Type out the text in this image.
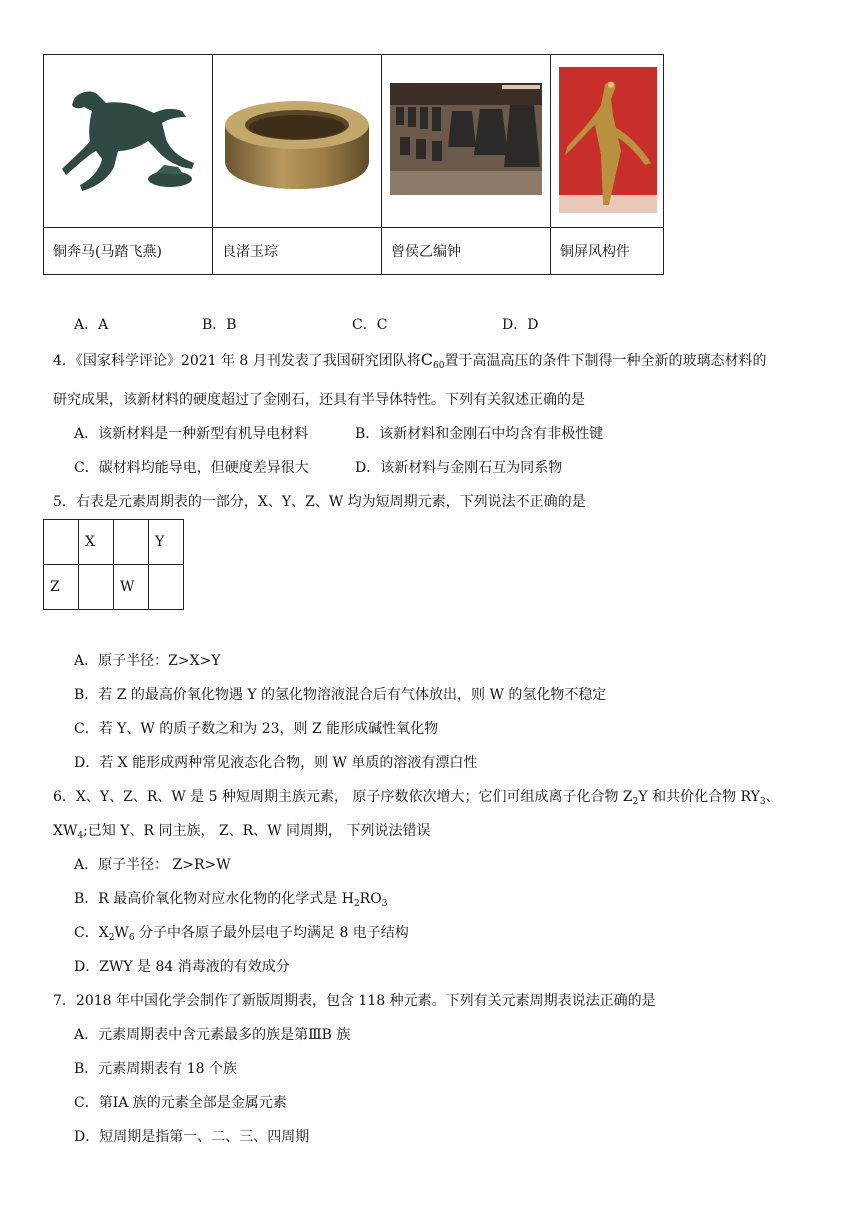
铜奔马(马踏飞燕)	良渚玉琮	曾侯乙编钟	铜屏风构件
A．A	B．B	C．C	D．D
4．《国家科学评论》2021 年 8 月刊发表了我国研究团队将$C_{60}$置于高温高压的条件下制得一种全新的玻璃态材料的
研究成果，该新材料的硬度超过了金刚石，还具有半导体特性。下列有关叙述正确的是
A．该新材料是一种新型有机导电材料	B．该新材料和金刚石中均含有非极性键
C．碳材料均能导电，但硬度差异很大	D．该新材料与金刚石互为同系物
5．右表是元素周期表的一部分，X、Y、Z、W 均为短周期元素，下列说法不正确的是
	X		Y
Z		W	
A．原子半径：Z>X>Y
B．若 Z 的最高价氧化物遇 Y 的氢化物溶液混合后有气体放出，则 W 的氢化物不稳定
C．若 Y、W 的质子数之和为 23，则 Z 能形成碱性氧化物
D．若 X 能形成两种常见液态化合物，则 W 单质的溶液有漂白性
6．X、Y、Z、R、W 是 5 种短周期主族元素， 原子序数依次增大；它们可组成离子化合物 $Z_2Y$ 和共价化合物 $RY_3$、
$XW_4$;已知 Y、R 同主族， Z、R、W 同周期， 下列说法错误
A．原子半径： Z>R>W
B．R 最高价氧化物对应水化物的化学式是 $H_2RO_3$
C．$X_2W_6$ 分子中各原子最外层电子均满足 8 电子结构
D．ZWY 是 84 消毒液的有效成分
7．2018 年中国化学会制作了新版周期表，包含 118 种元素。下列有关元素周期表说法正确的是
A．元素周期表中含元素最多的族是第ⅢB 族
B．元素周期表有 18 个族
C．第ⅠA 族的元素全部是金属元素
D．短周期是指第一、二、三、四周期
